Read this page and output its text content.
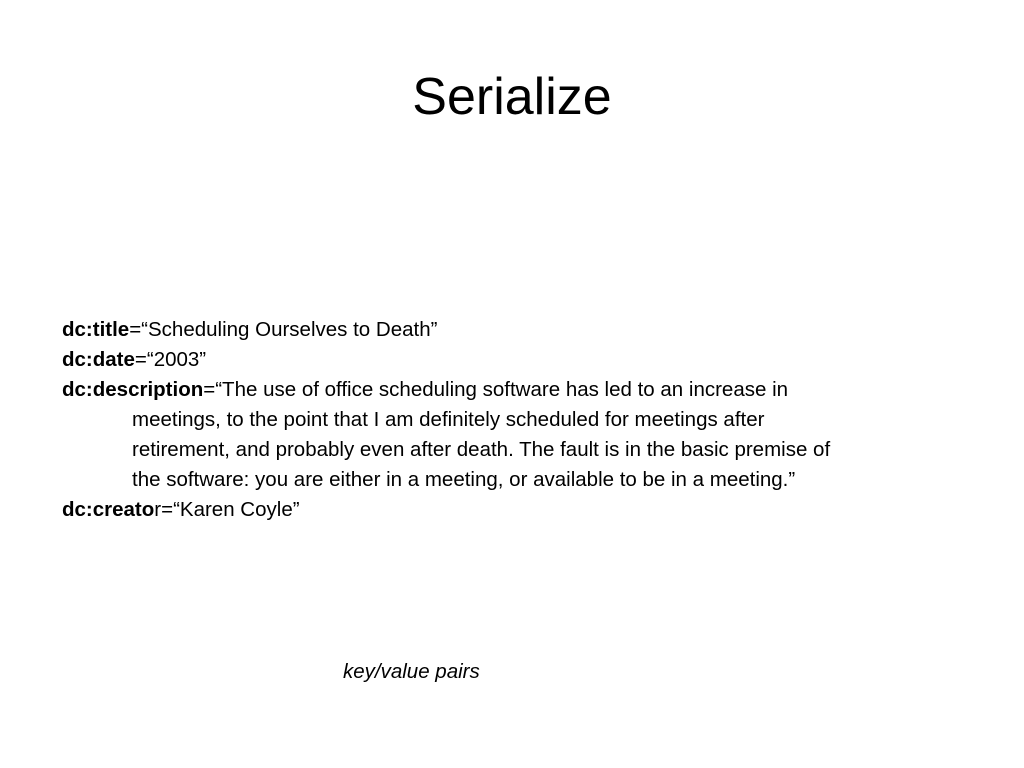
Serialize
dc:title=“Scheduling Ourselves to Death”
dc:date=“2003”
dc:description=“The use of office scheduling software has led to an increase in
meetings, to the point that I am definitely scheduled for meetings after
retirement, and probably even after death. The fault is in the basic premise of
the software: you are either in a meeting, or available to be in a meeting.”
dc:creator=“Karen Coyle”
key/value pairs
